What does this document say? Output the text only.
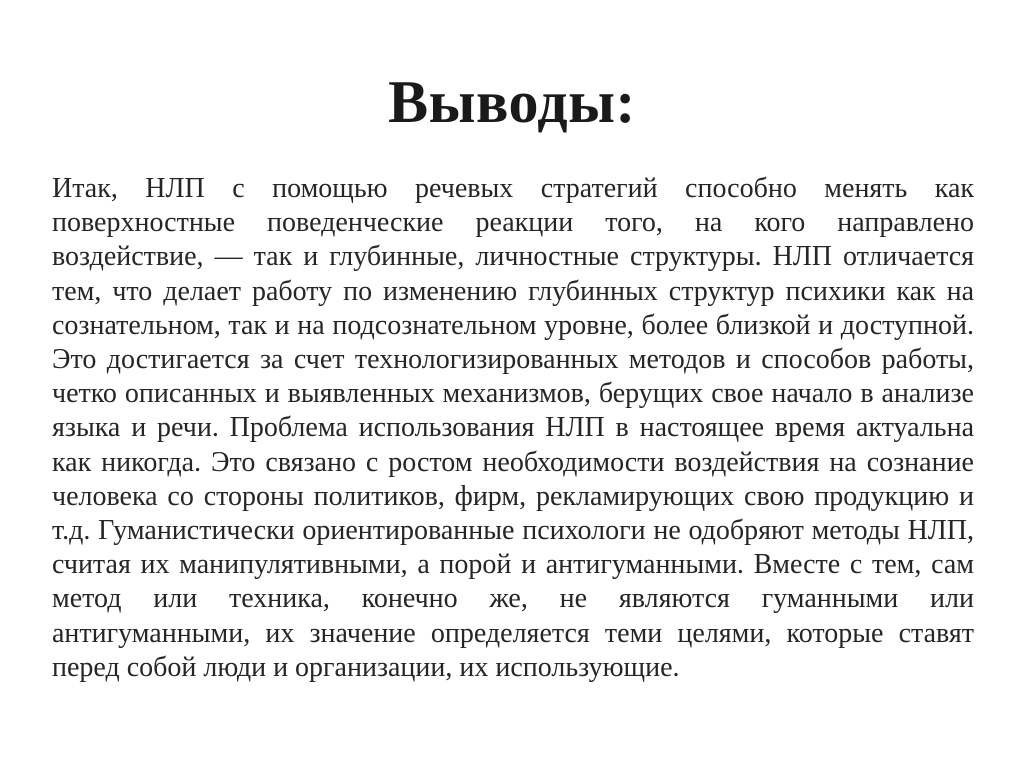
Выводы:

Итак, НЛП с помощью речевых стратегий способно менять как поверхностные поведенческие реакции того, на кого направлено воздействие, — так и глубинные, личностные структуры. НЛП отличается тем, что делает работу по изменению глубинных структур психики как на сознательном, так и на подсознательном уровне, более близкой и доступной. Это достигается за счет технологизированных методов и способов работы, четко описанных и выявленных механизмов, берущих свое начало в анализе языка и речи. Проблема использования НЛП в настоящее время актуальна как никогда. Это связано с ростом необходимости воздействия на сознание человека со стороны политиков, фирм, рекламирующих свою продукцию и т.д. Гуманистически ориентированные психологи не одобряют методы НЛП, считая их манипулятивными, а порой и антигуманными. Вместе с тем, сам метод или техника, конечно же, не являются гуманными или антигуманными, их значение определяется теми целями, которые ставят перед собой люди и организации, их использующие.
